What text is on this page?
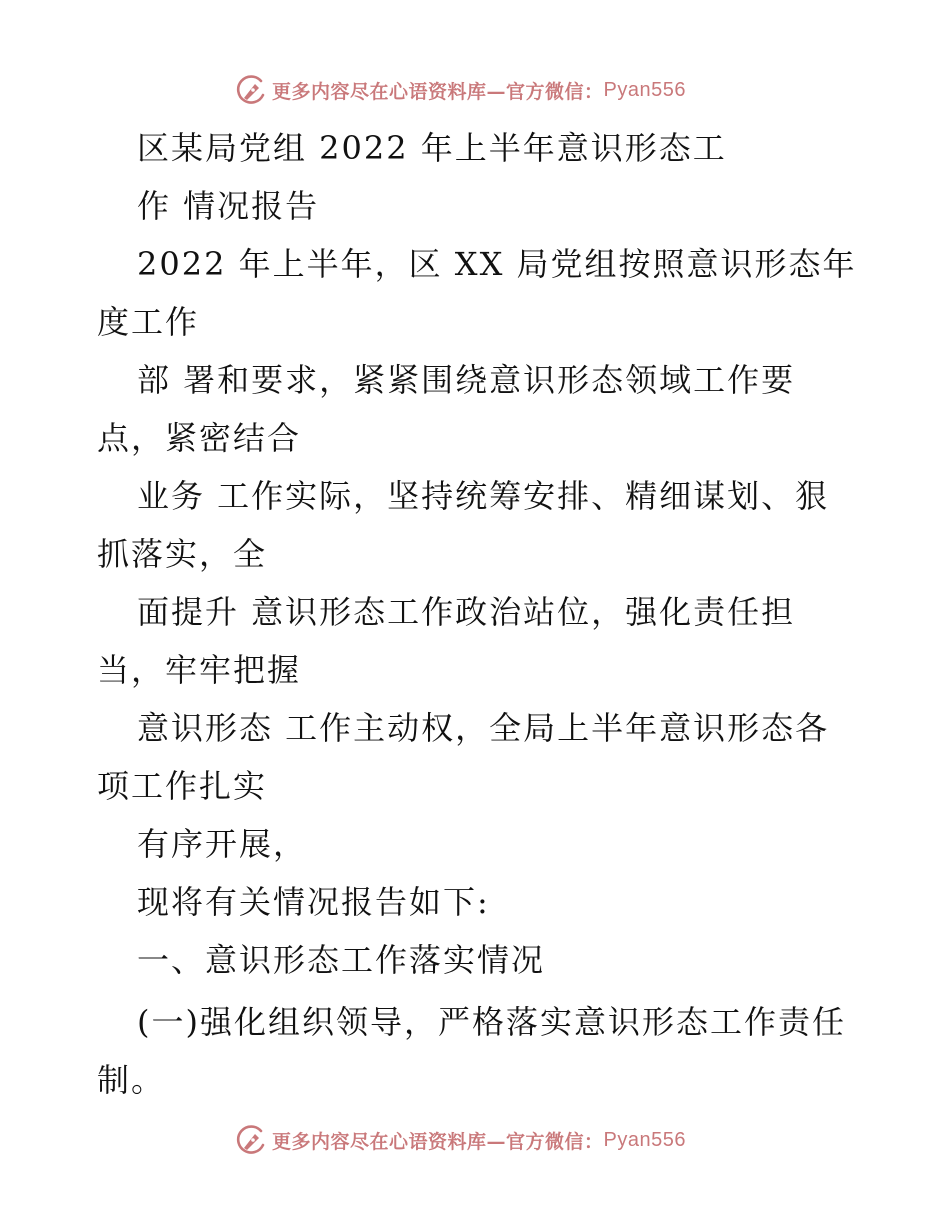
更多内容尽在心语资料库—官方微信： Pyan556
区某局党组 2022 年上半年意识形态工
作 情况报告
2022 年上半年，区 XX 局党组按照意识形态年
度工作
部 署和要求，紧紧围绕意识形态领域工作要
点，紧密结合
业务 工作实际，坚持统筹安排、精细谋划、狠
抓落实，全
面提升 意识形态工作政治站位，强化责任担
当，牢牢把握
意识形态 工作主动权，全局上半年意识形态各
项工作扎实
有序开展，
现将有关情况报告如下:
一、意识形态工作落实情况
(一)强化组织领导，严格落实意识形态工作责任
制。
更多内容尽在心语资料库—官方微信： Pyan556
